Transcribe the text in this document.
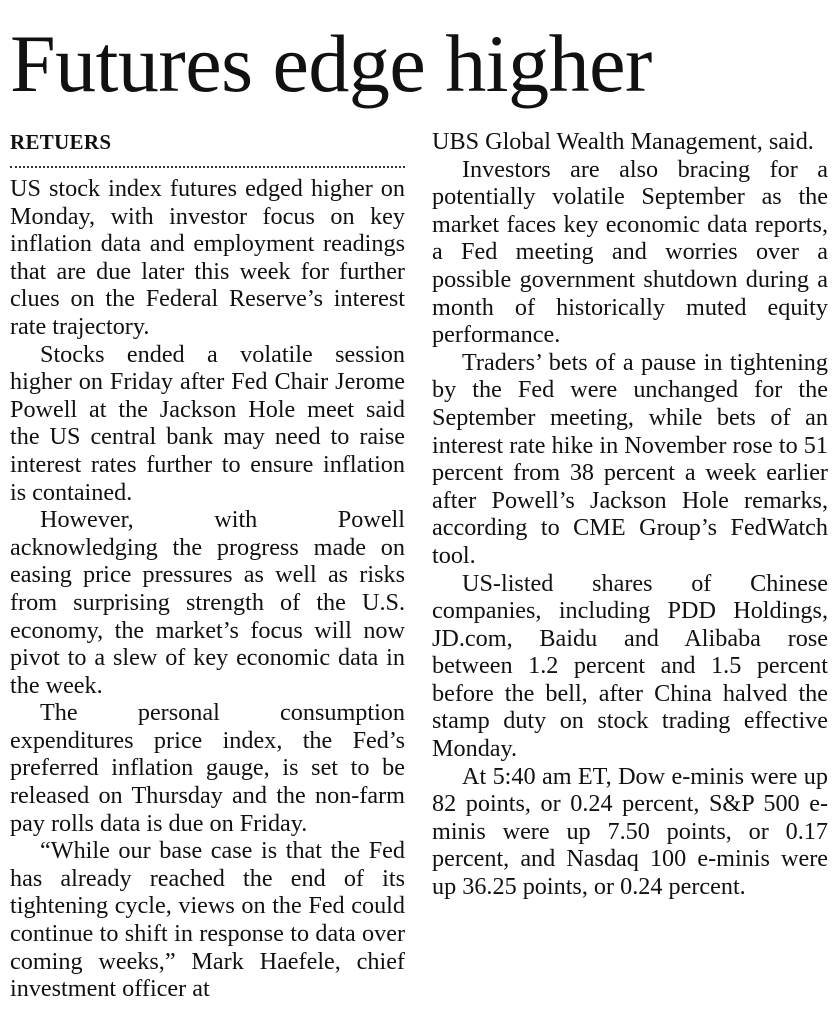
Futures edge higher
RETUERS

US stock index futures edged higher on Monday, with investor focus on key inflation data and employment readings that are due later this week for further clues on the Federal Reserve’s interest rate trajectory.

Stocks ended a volatile session higher on Friday after Fed Chair Jerome Powell at the Jackson Hole meet said the US central bank may need to raise interest rates further to ensure inflation is contained.

However, with Powell acknowledging the progress made on easing price pressures as well as risks from surprising strength of the U.S. economy, the market’s focus will now pivot to a slew of key economic data in the week.

The personal consumption expenditures price index, the Fed’s preferred inflation gauge, is set to be released on Thursday and the non-farm pay rolls data is due on Friday.

“While our base case is that the Fed has already reached the end of its tightening cycle, views on the Fed could continue to shift in response to data over coming weeks,” Mark Haefele, chief investment officer at

UBS Global Wealth Management, said.

Investors are also bracing for a potentially volatile September as the market faces key economic data reports, a Fed meeting and worries over a possible government shutdown during a month of historically muted equity performance.

Traders’ bets of a pause in tightening by the Fed were unchanged for the September meeting, while bets of an interest rate hike in November rose to 51 percent from 38 percent a week earlier after Powell’s Jackson Hole remarks, according to CME Group’s FedWatch tool.

US-listed shares of Chinese companies, including PDD Holdings, JD.com, Baidu and Alibaba rose between 1.2 percent and 1.5 percent before the bell, after China halved the stamp duty on stock trading effective Monday.

At 5:40 am ET, Dow e-minis were up 82 points, or 0.24 percent, S&P 500 e-minis were up 7.50 points, or 0.17 percent, and Nasdaq 100 e-minis were up 36.25 points, or 0.24 percent.
